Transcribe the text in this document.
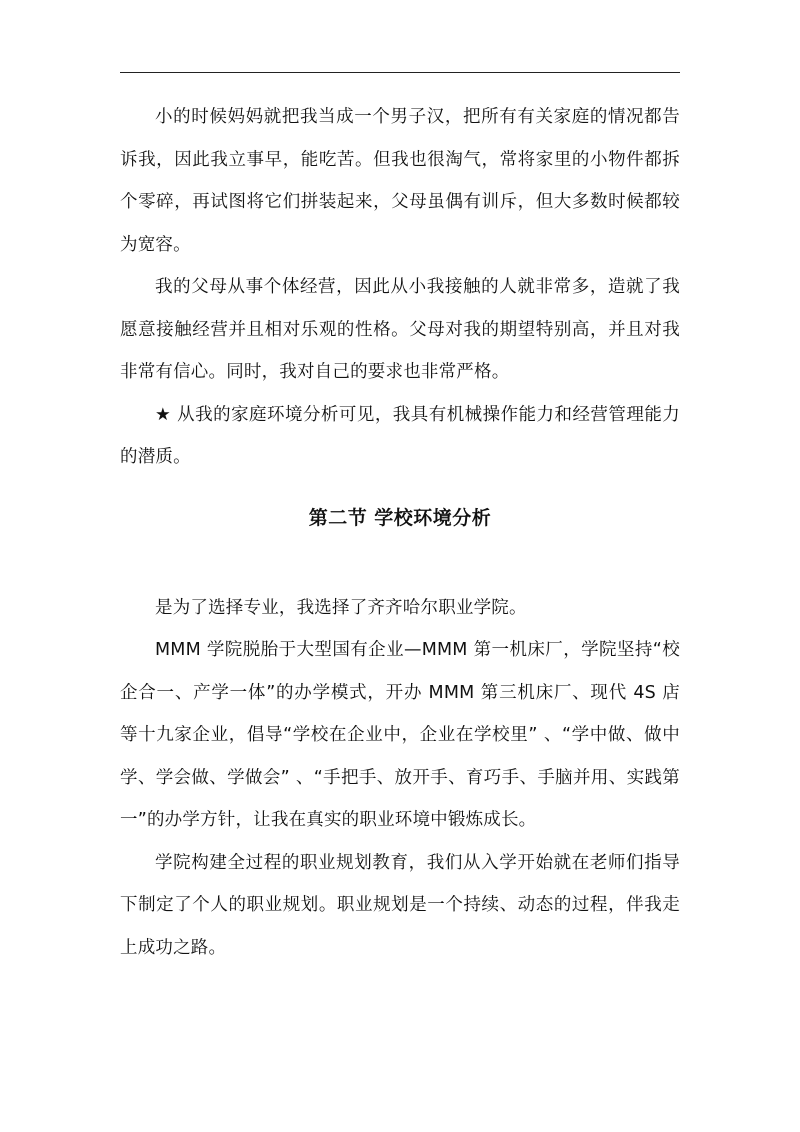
小的时候妈妈就把我当成一个男子汉，把所有有关家庭的情况都告诉我，因此我立事早，能吃苦。但我也很淘气，常将家里的小物件都拆个零碎，再试图将它们拼装起来，父母虽偶有训斥，但大多数时候都较为宽容。

我的父母从事个体经营，因此从小我接触的人就非常多，造就了我愿意接触经营并且相对乐观的性格。父母对我的期望特别高，并且对我非常有信心。同时，我对自己的要求也非常严格。

★ 从我的家庭环境分析可见，我具有机械操作能力和经营管理能力的潜质。

第二节 学校环境分析

是为了选择专业，我选择了齐齐哈尔职业学院。

MMM 学院脱胎于大型国有企业—MMM 第一机床厂，学院坚持“校企合一、产学一体”的办学模式，开办 MMM 第三机床厂、现代 4S 店等十九家企业，倡导“学校在企业中，企业在学校里” 、“学中做、做中学、学会做、学做会” 、“手把手、放开手、育巧手、手脑并用、实践第一”的办学方针，让我在真实的职业环境中锻炼成长。

学院构建全过程的职业规划教育，我们从入学开始就在老师们指导下制定了个人的职业规划。职业规划是一个持续、动态的过程，伴我走上成功之路。
